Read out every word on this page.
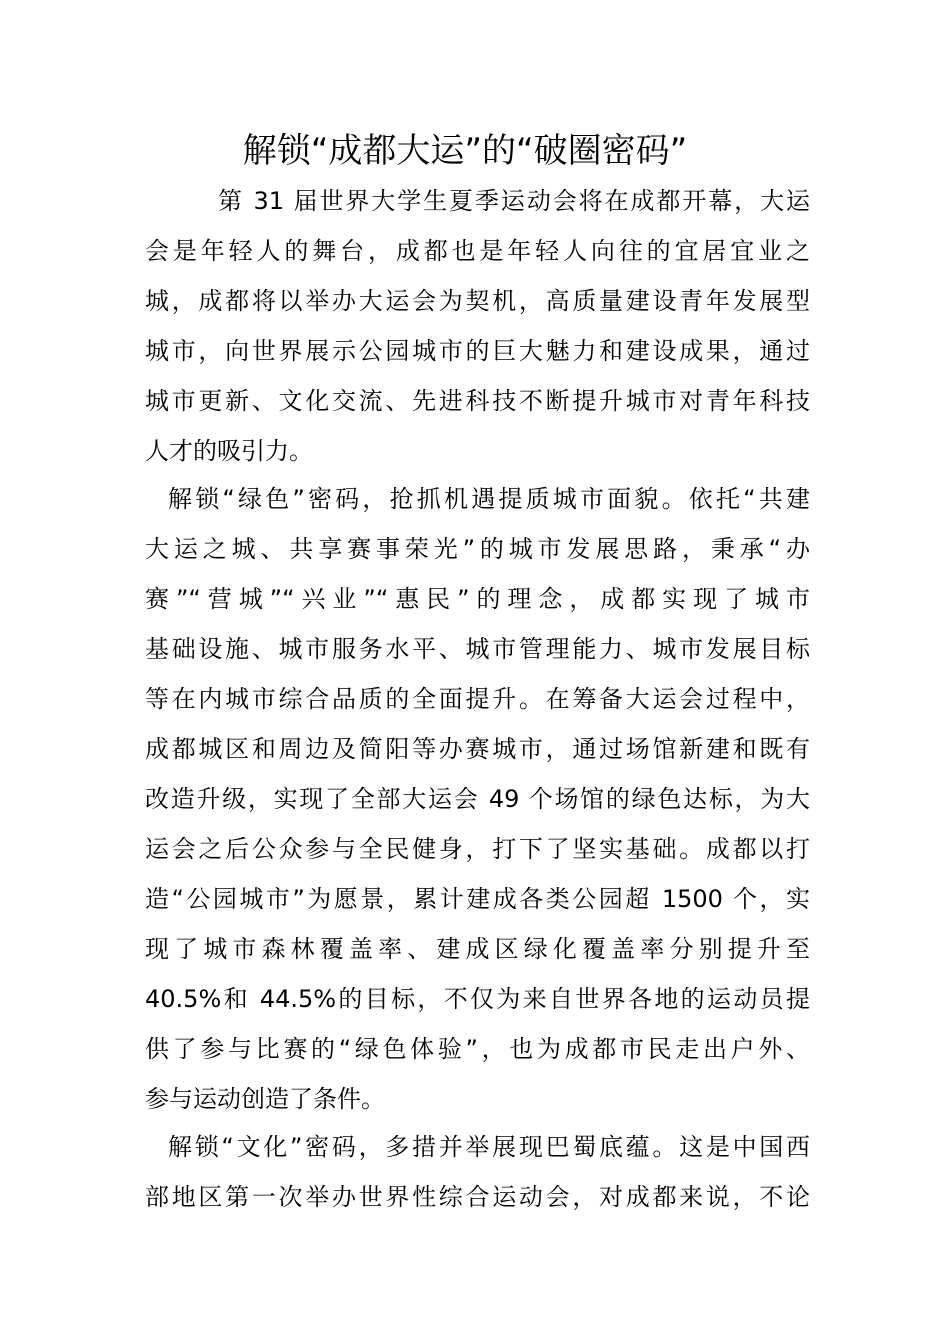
解锁“成都大运”的“破圈密码”

第 31 届世界大学生夏季运动会将在成都开幕，大运

会是年轻人的舞台，成都也是年轻人向往的宜居宜业之

城，成都将以举办大运会为契机，高质量建设青年发展型

城市，向世界展示公园城市的巨大魅力和建设成果，通过

城市更新、文化交流、先进科技不断提升城市对青年科技

人才的吸引力。

解锁“绿色”密码，抢抓机遇提质城市面貌。依托“共建

大运之城、共享赛事荣光”的城市发展思路，秉承“办

赛”“营城”“兴业”“惠民”的理念，成都实现了城市

基础设施、城市服务水平、城市管理能力、城市发展目标

等在内城市综合品质的全面提升。在筹备大运会过程中，

成都城区和周边及简阳等办赛城市，通过场馆新建和既有

改造升级，实现了全部大运会 49 个场馆的绿色达标，为大

运会之后公众参与全民健身，打下了坚实基础。成都以打

造“公园城市”为愿景，累计建成各类公园超 1500 个，实

现了城市森林覆盖率、建成区绿化覆盖率分别提升至

40.5%和 44.5%的目标，不仅为来自世界各地的运动员提

供了参与比赛的“绿色体验”，也为成都市民走出户外、

参与运动创造了条件。

解锁“文化”密码，多措并举展现巴蜀底蕴。这是中国西

部地区第一次举办世界性综合运动会，对成都来说，不论
